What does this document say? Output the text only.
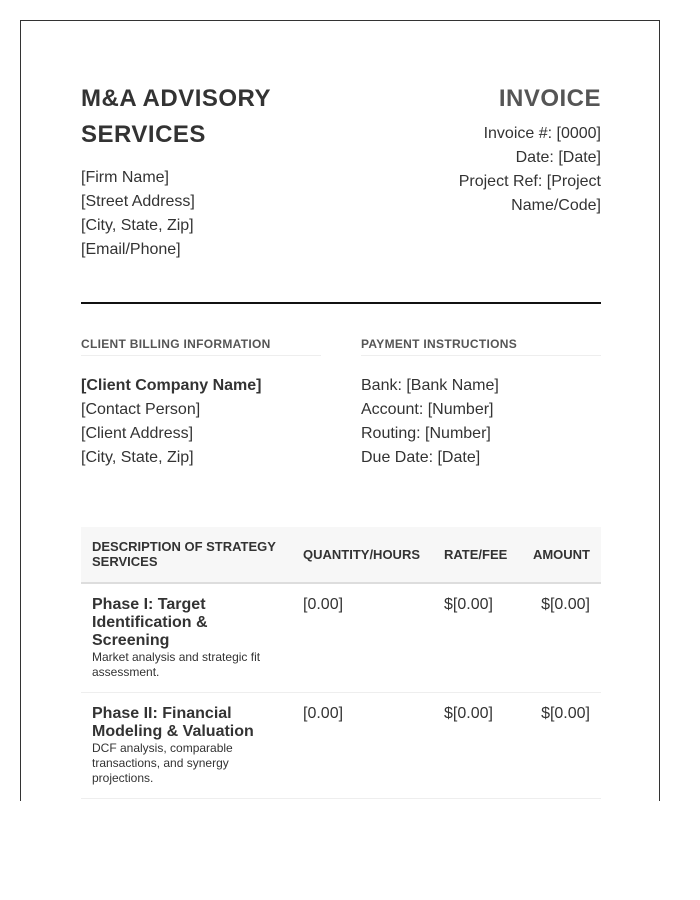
M&A ADVISORY
SERVICES
[Firm Name]
[Street Address]
[City, State, Zip]
[Email/Phone]
INVOICE
Invoice #: [0000]
Date: [Date]
Project Ref: [Project
Name/Code]
CLIENT BILLING INFORMATION
[Client Company Name]
[Contact Person]
[Client Address]
[City, State, Zip]
PAYMENT INSTRUCTIONS
Bank: [Bank Name]
Account: [Number]
Routing: [Number]
Due Date: [Date]
DESCRIPTION OF STRATEGY SERVICES	QUANTITY/HOURS	RATE/FEE	AMOUNT

Phase I: Target Identification & Screening
Market analysis and strategic fit assessment.	[0.00]	$[0.00]	$[0.00]

Phase II: Financial Modeling & Valuation
DCF analysis, comparable transactions, and synergy projections.	[0.00]	$[0.00]	$[0.00]
